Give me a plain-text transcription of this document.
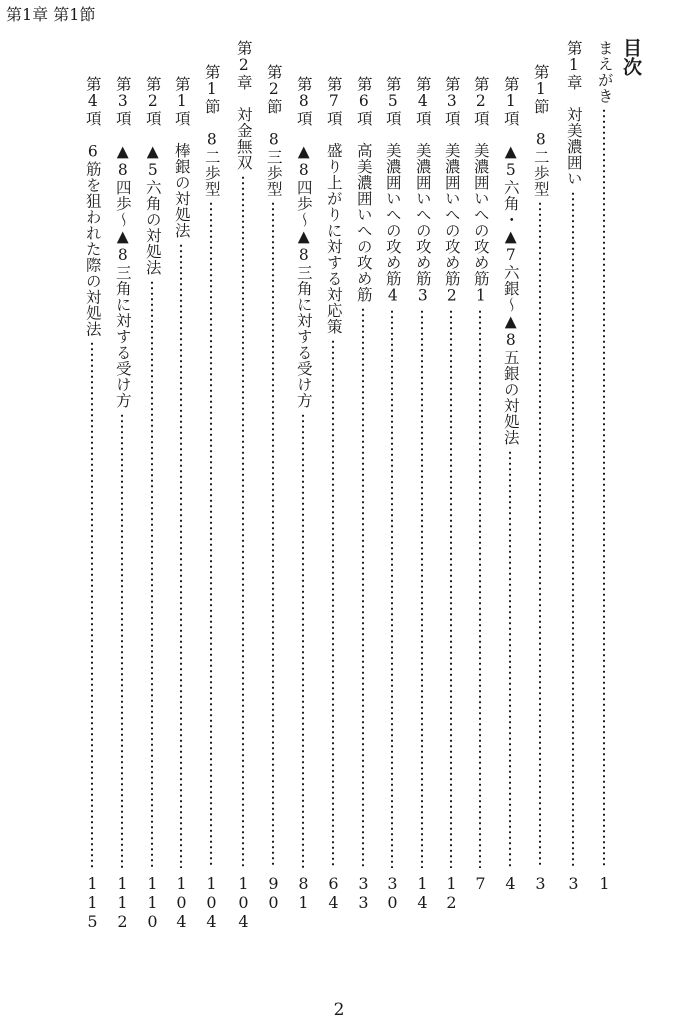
第1章 第1節
目次
まえがき
1
第1章　対美濃囲い
3
第1節　8二歩型
3
第1項　▲5六角・▲7六銀～▲8五銀の対処法
4
第2項　美濃囲いへの攻め筋1
7
第3項　美濃囲いへの攻め筋2
12
第4項　美濃囲いへの攻め筋3
14
第5項　美濃囲いへの攻め筋4
30
第6項　高美濃囲いへの攻め筋
33
第7項　盛り上がりに対する対応策
64
第8項　▲8四歩～▲8三角に対する受け方
81
第2節　8三歩型
90
第2章　対金無双
104
第1節　8二歩型
104
第1項　棒銀の対処法
104
第2項　▲5六角の対処法
110
第3項　▲8四歩～▲8三角に対する受け方
112
第4項　6筋を狙われた際の対処法
115
2
